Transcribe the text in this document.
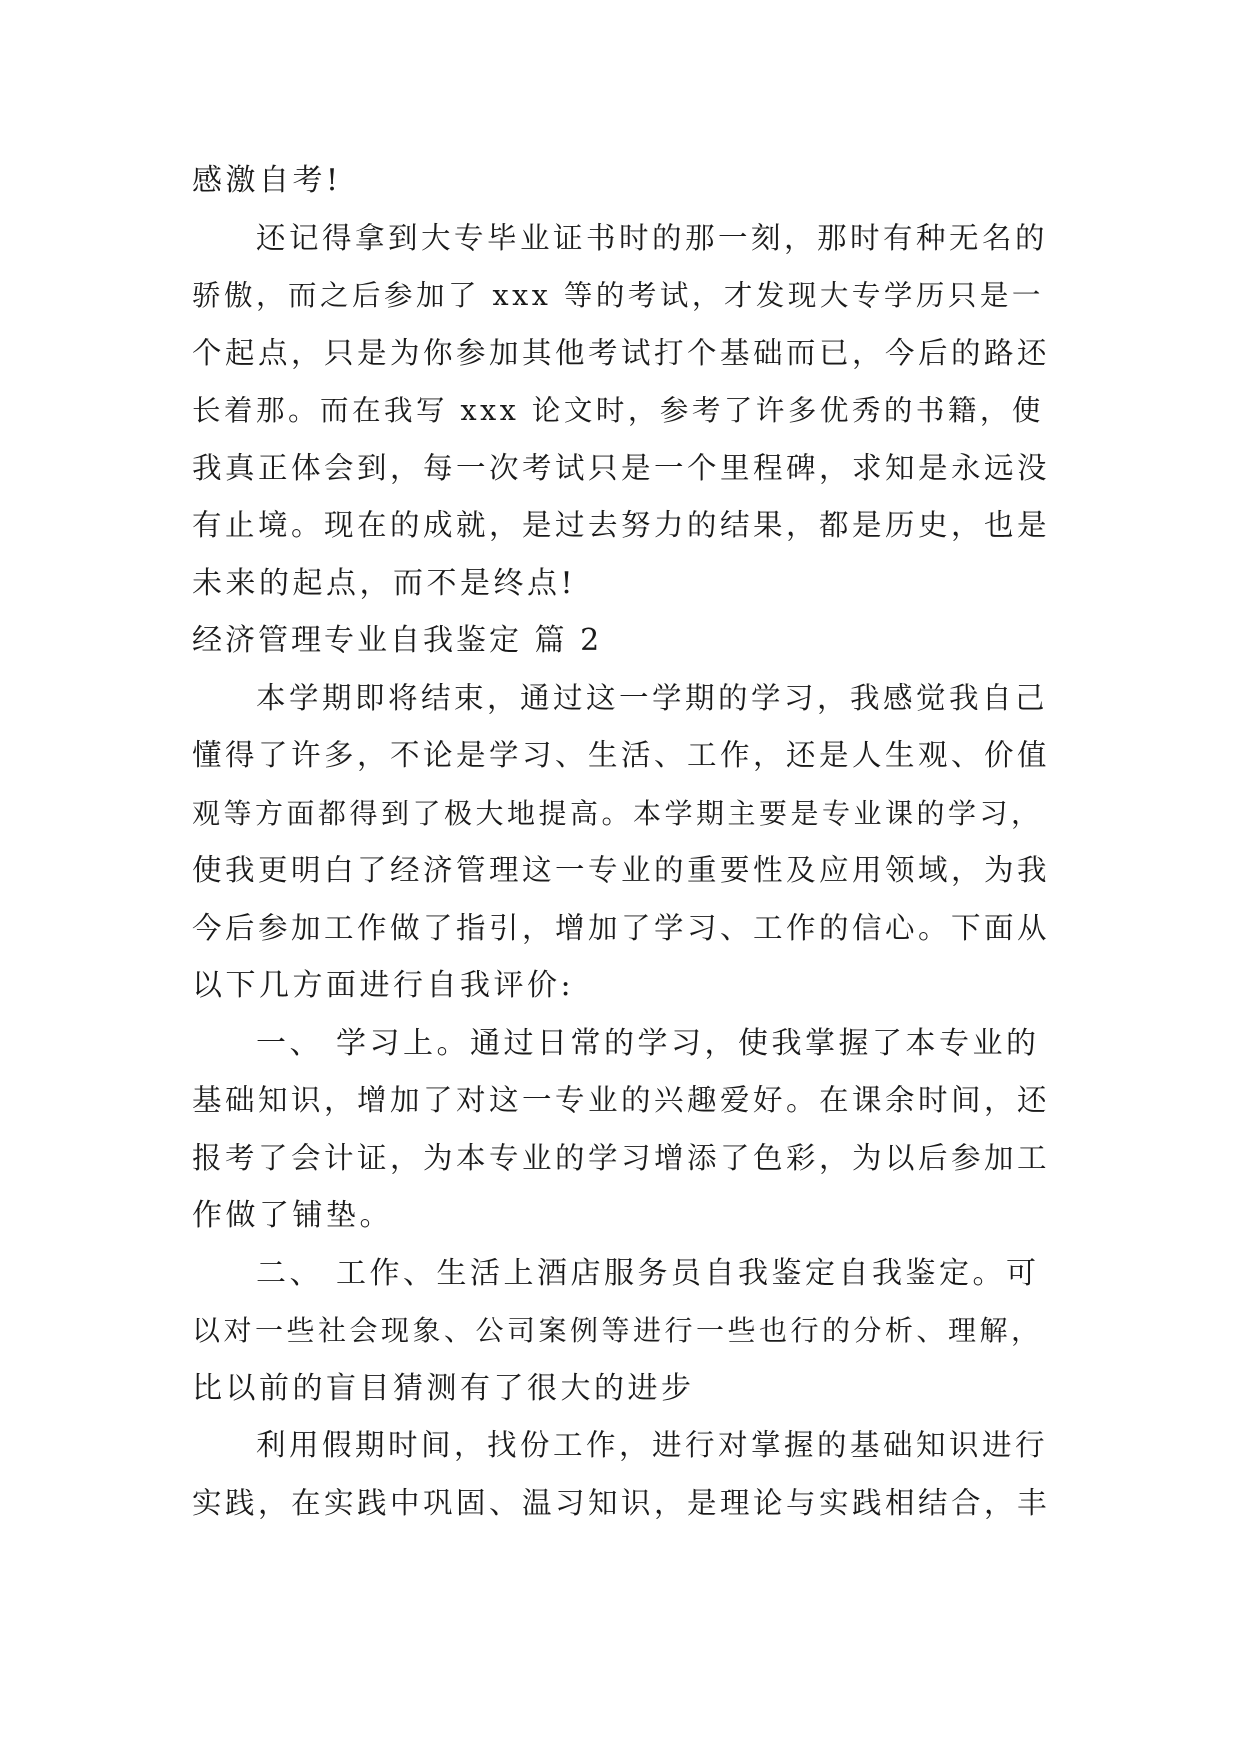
感激自考!
还记得拿到大专毕业证书时的那一刻，那时有种无名的
骄傲，而之后参加了 xxx 等的考试，才发现大专学历只是一
个起点，只是为你参加其他考试打个基础而已，今后的路还
长着那。而在我写 xxx 论文时，参考了许多优秀的书籍，使
我真正体会到，每一次考试只是一个里程碑，求知是永远没
有止境。现在的成就，是过去努力的结果，都是历史，也是
未来的起点，而不是终点!
经济管理专业自我鉴定 篇 2
本学期即将结束，通过这一学期的学习，我感觉我自己
懂得了许多，不论是学习、生活、工作，还是人生观、价值
观等方面都得到了极大地提高。本学期主要是专业课的学习，
使我更明白了经济管理这一专业的重要性及应用领域，为我
今后参加工作做了指引，增加了学习、工作的信心。下面从
以下几方面进行自我评价:
一、 学习上。通过日常的学习，使我掌握了本专业的
基础知识，增加了对这一专业的兴趣爱好。在课余时间，还
报考了会计证，为本专业的学习增添了色彩，为以后参加工
作做了铺垫。
二、 工作、生活上酒店服务员自我鉴定自我鉴定。可
以对一些社会现象、公司案例等进行一些也行的分析、理解，
比以前的盲目猜测有了很大的进步
利用假期时间，找份工作，进行对掌握的基础知识进行
实践，在实践中巩固、温习知识，是理论与实践相结合，丰
